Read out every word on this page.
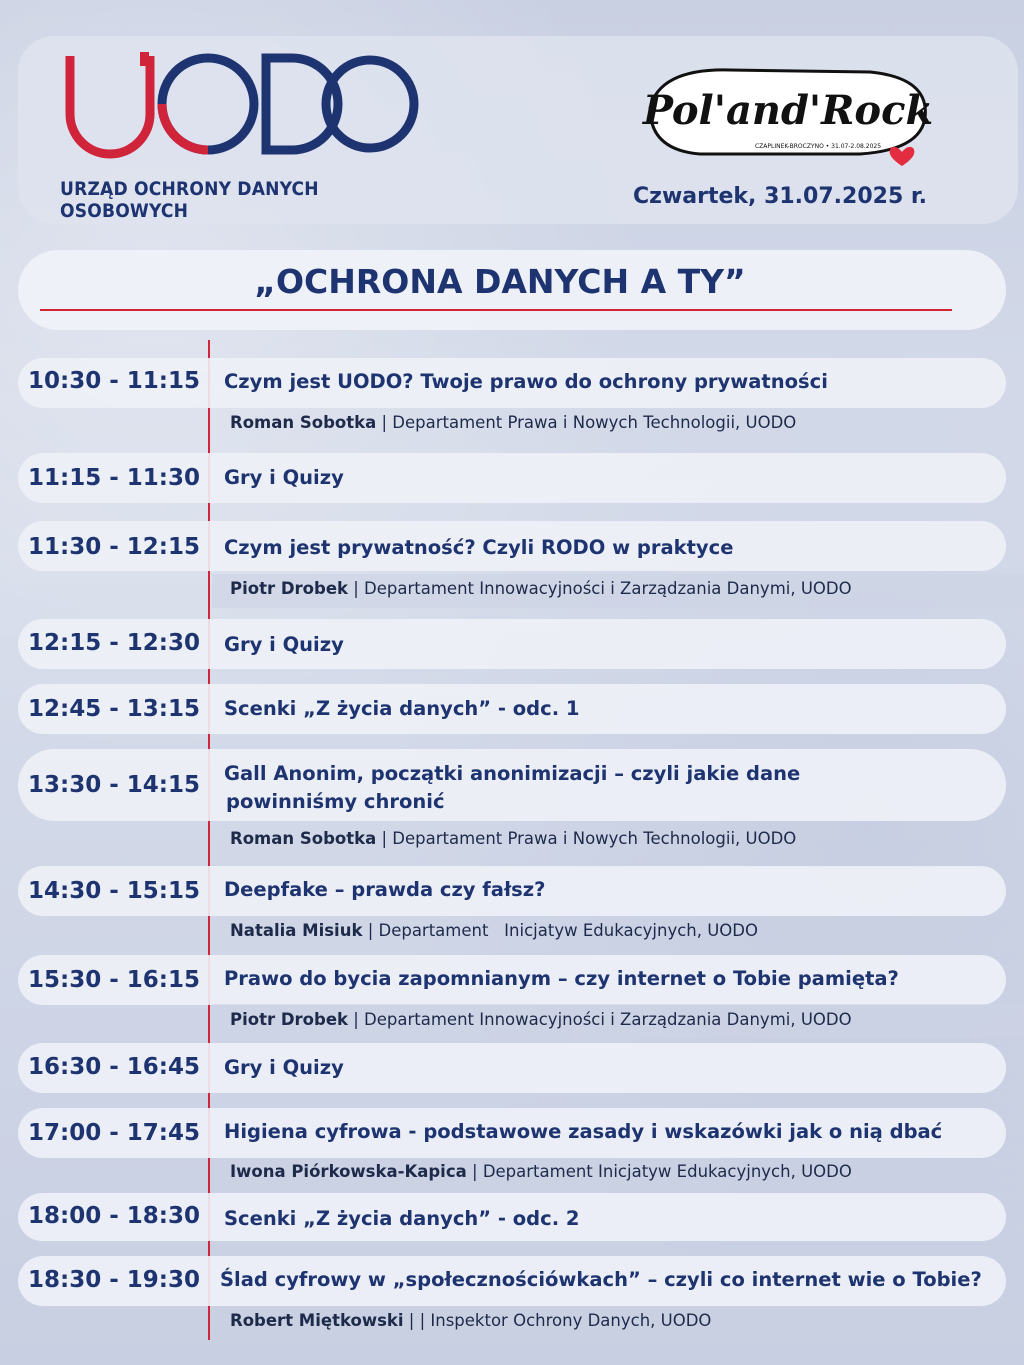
URZĄD OCHRONY DANYCH OSOBOWYCH
Pol'and'Rock
CZAPLINEK-BROCZYNO • 31.07-2.08.2025
Czwartek, 31.07.2025 r.
„OCHRONA DANYCH A TY”
10:30 - 11:15 Czym jest UODO? Twoje prawo do ochrony prywatności
Roman Sobotka | Departament Prawa i Nowych Technologii, UODO
11:15 - 11:30 Gry i Quizy
11:30 - 12:15 Czym jest prywatność? Czyli RODO w praktyce
Piotr Drobek | Departament Innowacyjności i Zarządzania Danymi, UODO
12:15 - 12:30 Gry i Quizy
12:45 - 13:15 Scenki „Z życia danych” - odc. 1
13:30 - 14:15 Gall Anonim, początki anonimizacji – czyli jakie dane
powinniśmy chronić
Roman Sobotka | Departament Prawa i Nowych Technologii, UODO
14:30 - 15:15 Deepfake – prawda czy fałsz?
Natalia Misiuk | Departament   Inicjatyw Edukacyjnych, UODO
15:30 - 16:15 Prawo do bycia zapomnianym – czy internet o Tobie pamięta?
Piotr Drobek | Departament Innowacyjności i Zarządzania Danymi, UODO
16:30 - 16:45 Gry i Quizy
17:00 - 17:45 Higiena cyfrowa - podstawowe zasady i wskazówki jak o nią dbać
Iwona Piórkowska-Kapica | Departament Inicjatyw Edukacyjnych, UODO
18:00 - 18:30 Scenki „Z życia danych” - odc. 2
18:30 - 19:30 Ślad cyfrowy w „społecznościówkach” – czyli co internet wie o Tobie?
Robert Miętkowski | | Inspektor Ochrony Danych, UODO
